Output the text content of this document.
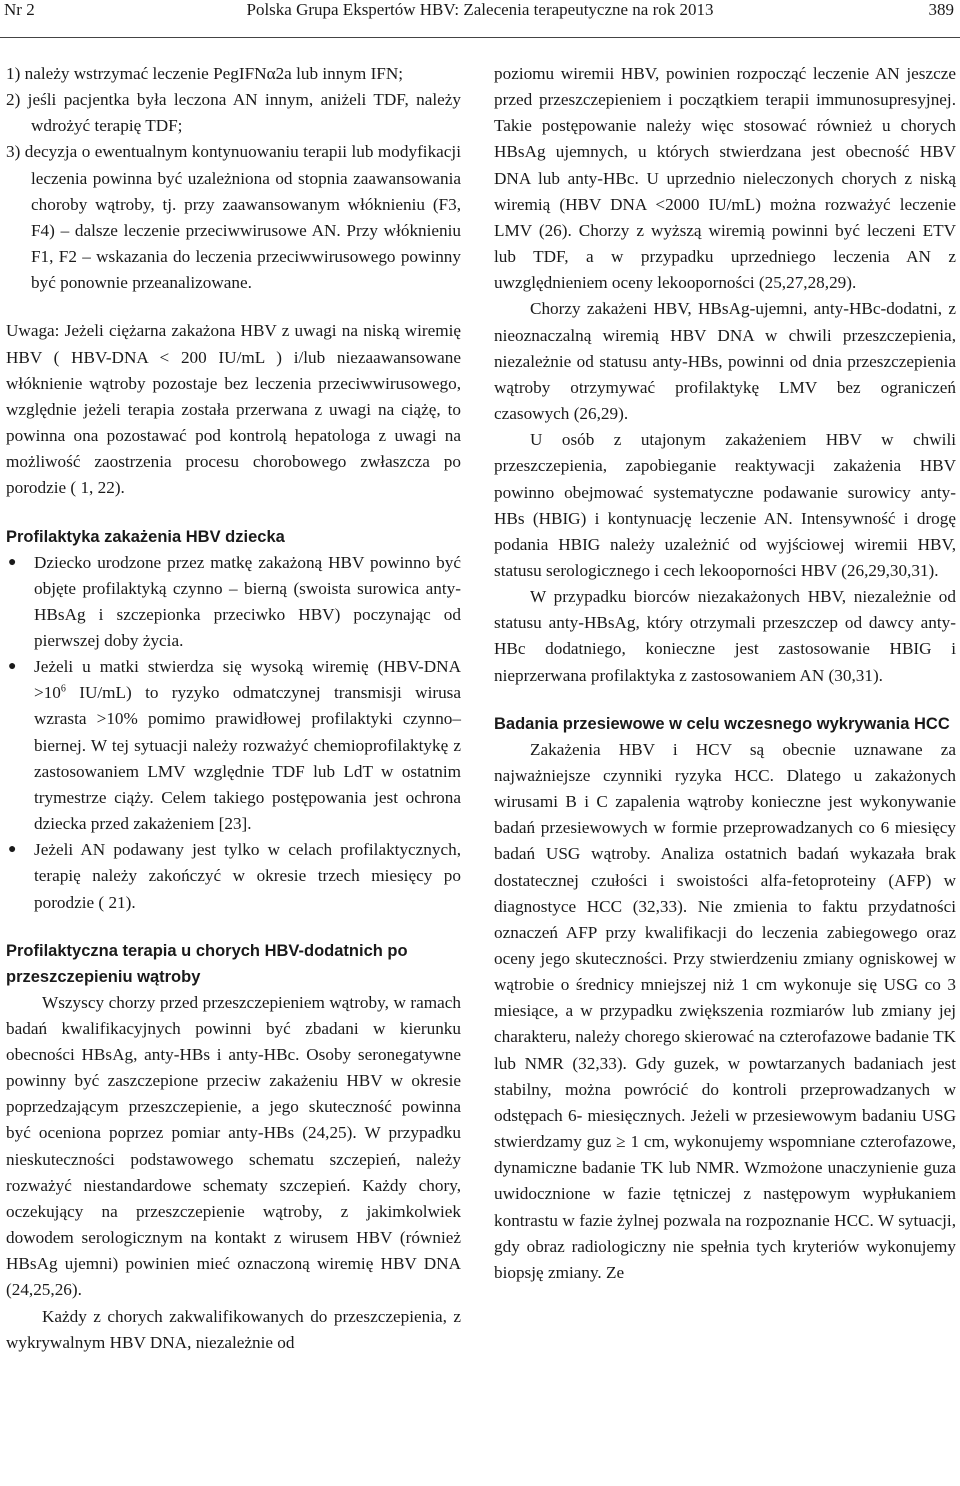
Nr 2	Polska Grupa Ekspertów HBV: Zalecenia terapeutyczne na rok 2013	389

1) należy wstrzymać leczenie PegIFNα2a lub innym IFN;

2) jeśli pacjentka była leczona AN innym, aniżeli TDF, należy wdrożyć terapię TDF;

3) decyzja o ewentualnym kontynuowaniu terapii lub modyfikacji leczenia powinna być uzależniona od stopnia zaawansowania choroby wątroby, tj. przy zaawansowanym włóknieniu (F3, F4) – dalsze leczenie przeciwwirusowe AN. Przy włóknieniu F1, F2 – wskazania do leczenia przeciwwirusowego powinny być ponownie przeanalizowane.

Uwaga: Jeżeli ciężarna zakażona HBV z uwagi na niską wiremię HBV ( HBV-DNA < 200 IU/mL ) i/lub niezaawansowane włóknienie wątroby pozostaje bez leczenia przeciwwirusowego, względnie jeżeli terapia została przerwana z uwagi na ciążę, to powinna ona pozostawać pod kontrolą hepatologa z uwagi na możliwość zaostrzenia procesu chorobowego zwłaszcza po porodzie ( 1, 22).

Profilaktyka zakażenia HBV dziecka
● Dziecko urodzone przez matkę zakażoną HBV powinno być objęte profilaktyką czynno – bierną (swoista surowica anty-HBsAg i szczepionka przeciwko HBV) poczynając od pierwszej doby życia.
● Jeżeli u matki stwierdza się wysoką wiremię ($HBV-DNA >10^6$ IU/mL) to ryzyko odmatczynej transmisji wirusa wzrasta >10% pomimo prawidłowej profilaktyki czynno–biernej. W tej sytuacji należy rozważyć chemioprofilaktykę z zastosowaniem LMV względnie TDF lub LdT w ostatnim trymestrze ciąży. Celem takiego postępowania jest ochrona dziecka przed zakażeniem [23].
● Jeżeli AN podawany jest tylko w celach profilaktycznych, terapię należy zakończyć w okresie trzech miesięcy po porodzie ( 21).
Profilaktyczna terapia u chorych HBV-dodatnich po przeszczepieniu wątroby

Wszyscy chorzy przed przeszczepieniem wątroby, w ramach badań kwalifikacyjnych powinni być zbadani w kierunku obecności HBsAg, anty-HBs i anty-HBc. Osoby seronegatywne powinny być zaszczepione przeciw zakażeniu HBV w okresie poprzedzającym przeszczepienie, a jego skuteczność powinna być oceniona poprzez pomiar anty-HBs (24,25). W przypadku nieskuteczności podstawowego schematu szczepień, należy rozważyć niestandardowe schematy szczepień. Każdy chory, oczekujący na przeszczepienie wątroby, z jakimkolwiek dowodem serologicznym na kontakt z wirusem HBV (również HBsAg ujemni) powinien mieć oznaczoną wiremię HBV DNA (24,25,26).

Każdy z chorych zakwalifikowanych do przeszczepienia, z wykrywalnym HBV DNA, niezależnie od

poziomu wiremii HBV, powinien rozpocząć leczenie AN jeszcze przed przeszczepieniem i początkiem terapii immunosupresyjnej. Takie postępowanie należy więc stosować również u chorych HBsAg ujemnych, u których stwierdzana jest obecność HBV DNA lub anty-HBc. U uprzednio nieleczonych chorych z niską wiremią (HBV DNA <2000 IU/mL) można rozważyć leczenie LMV (26). Chorzy z wyższą wiremią powinni być leczeni ETV lub TDF, a w przypadku uprzedniego leczenia AN z uwzględnieniem oceny lekooporności (25,27,28,29).

Chorzy zakażeni HBV, HBsAg-ujemni, anty-HBc-dodatni, z nieoznaczalną wiremią HBV DNA w chwili przeszczepienia, niezależnie od statusu anty-HBs, powinni od dnia przeszczepienia wątroby otrzymywać profilaktykę LMV bez ograniczeń czasowych (26,29).

U osób z utajonym zakażeniem HBV w chwili przeszczepienia, zapobieganie reaktywacji zakażenia HBV powinno obejmować systematyczne podawanie surowicy anty-HBs (HBIG) i kontynuację leczenie AN. Intensywność i drogę podania HBIG należy uzależnić od wyjściowej wiremii HBV, statusu serologicznego i cech lekooporności HBV (26,29,30,31).

W przypadku biorców niezakażonych HBV, niezależnie od statusu anty-HBsAg, który otrzymali przeszczep od dawcy anty-HBc dodatniego, konieczne jest zastosowanie HBIG i nieprzerwana profilaktyka z zastosowaniem AN (30,31).

Badania przesiewowe w celu wczesnego wykrywania HCC

Zakażenia HBV i HCV są obecnie uznawane za najważniejsze czynniki ryzyka HCC. Dlatego u zakażonych wirusami B i C zapalenia wątroby konieczne jest wykonywanie badań przesiewowych w formie przeprowadzanych co 6 miesięcy badań USG wątroby. Analiza ostatnich badań wykazała brak dostatecznej czułości i swoistości alfa-fetoproteiny (AFP) w diagnostyce HCC (32,33). Nie zmienia to faktu przydatności oznaczeń AFP przy kwalifikacji do leczenia zabiegowego oraz oceny jego skuteczności. Przy stwierdzeniu zmiany ogniskowej w wątrobie o średnicy mniejszej niż 1 cm wykonuje się USG co 3 miesiące, a w przypadku zwiększenia rozmiarów lub zmiany jej charakteru, należy chorego skierować na czterofazowe badanie TK lub NMR (32,33). Gdy guzek, w powtarzanych badaniach jest stabilny, można powrócić do kontroli przeprowadzanych w odstępach 6- miesięcznych. Jeżeli w przesiewowym badaniu USG stwierdzamy guz ≥ 1 cm, wykonujemy wspomniane czterofazowe, dynamiczne badanie TK lub NMR. Wzmożone unaczynienie guza uwidocznione w fazie tętniczej z następowym wypłukaniem kontrastu w fazie żylnej pozwala na rozpoznanie HCC. W sytuacji, gdy obraz radiologiczny nie spełnia tych kryteriów wykonujemy biopsję zmiany. Ze
